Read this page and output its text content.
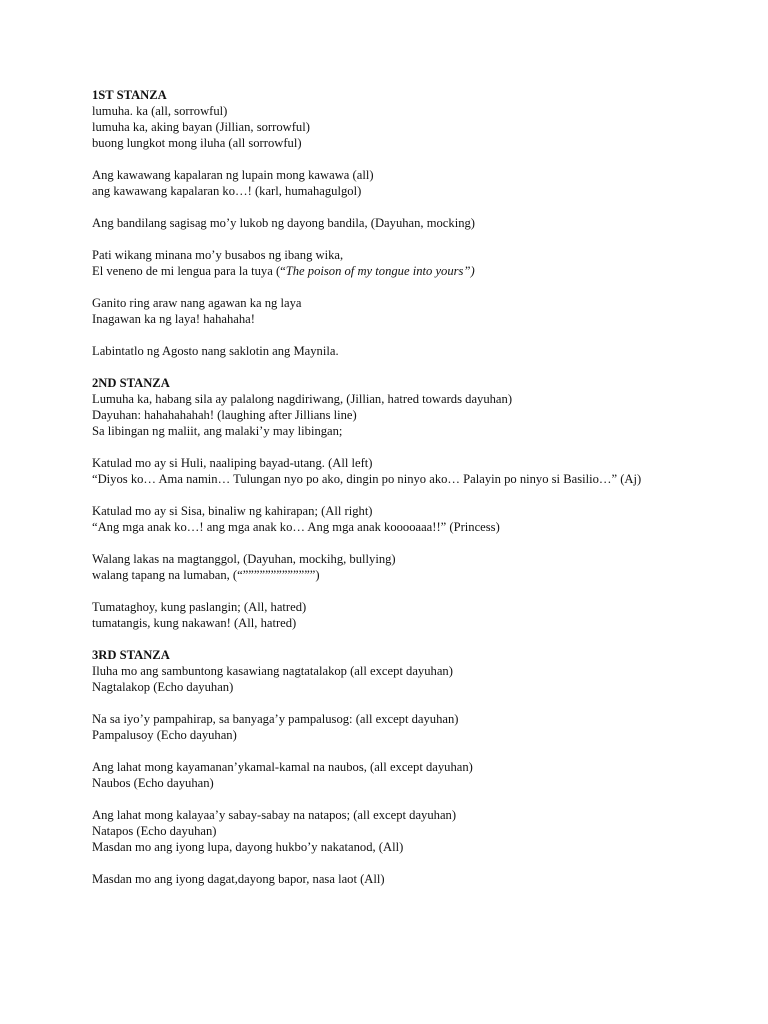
1ST STANZA
lumuha. ka (all, sorrowful)
lumuha ka, aking bayan (Jillian, sorrowful)
buong lungkot mong iluha (all sorrowful)
Ang kawawang kapalaran ng lupain mong kawawa (all)
ang kawawang kapalaran ko…! (karl, humahagulgol)
Ang bandilang sagisag mo’y lukob ng dayong bandila, (Dayuhan, mocking)
Pati wikang minana mo’y busabos ng ibang wika,
El veneno de mi lengua para la tuya (“The poison of my tongue into yours”)
Ganito ring araw nang agawan ka ng laya
Inagawan ka ng laya! hahahaha!
Labintatlo ng Agosto nang saklotin ang Maynila.
2ND STANZA
Lumuha ka, habang sila ay palalong nagdiriwang, (Jillian, hatred towards dayuhan)
Dayuhan: hahahahahah! (laughing after Jillians line)
Sa libingan ng maliit, ang malaki’y may libingan;
Katulad mo ay si Huli, naaliping bayad-utang. (All left)
“Diyos ko… Ama namin… Tulungan nyo po ako, dingin po ninyo ako… Palayin po ninyo si Basilio…” (Aj)
Katulad mo ay si Sisa, binaliw ng kahirapan; (All right)
“Ang mga anak ko…! ang mga anak ko… Ang mga anak kooooaaa!!” (Princess)
Walang lakas na magtanggol, (Dayuhan, mockihg, bullying)
walang tapang na lumaban, (“”””””””””””””)
Tumataghoy, kung paslangin; (All, hatred)
tumatangis, kung nakawan! (All, hatred)
3RD STANZA
Iluha mo ang sambuntong kasawiang nagtatalakop (all except dayuhan)
Nagtalakop (Echo dayuhan)
Na sa iyo’y pampahirap, sa banyaga’y pampalusog: (all except dayuhan)
Pampalusoy (Echo dayuhan)
Ang lahat mong kayamanan’ykamal-kamal na naubos, (all except dayuhan)
Naubos (Echo dayuhan)
Ang lahat mong kalayaa’y sabay-sabay na natapos; (all except dayuhan)
Natapos (Echo dayuhan)
Masdan mo ang iyong lupa, dayong hukbo’y nakatanod, (All)
Masdan mo ang iyong dagat,dayong bapor, nasa laot (All)
